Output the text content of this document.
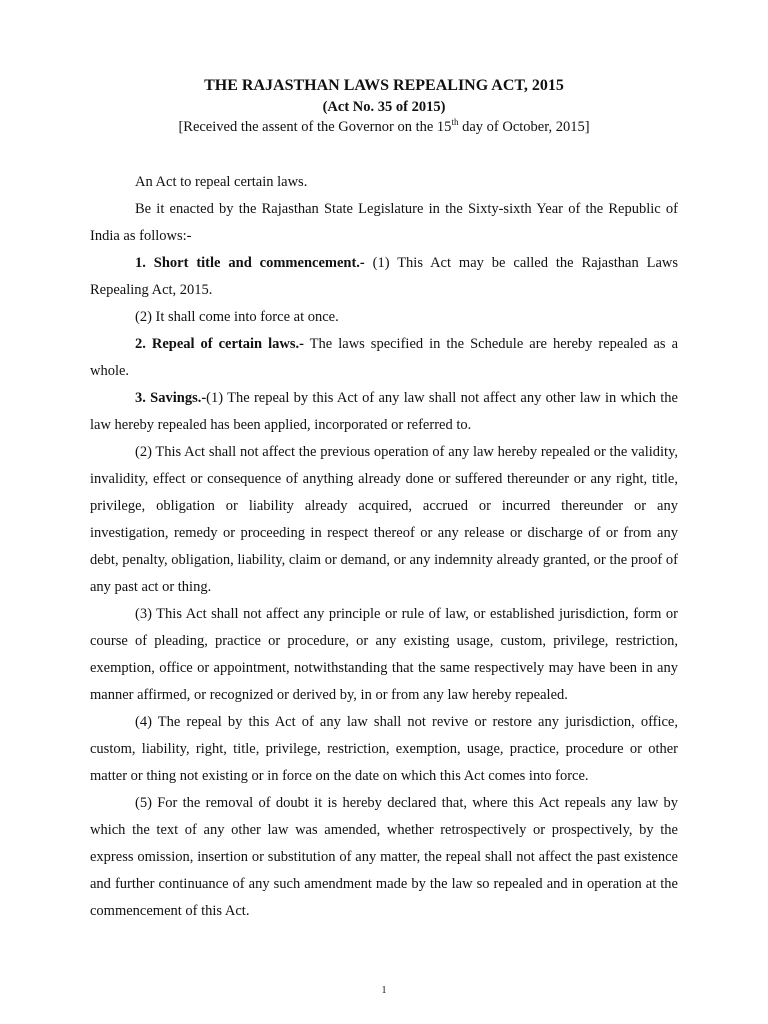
THE RAJASTHAN LAWS REPEALING ACT, 2015
(Act No. 35 of 2015)
[Received the assent of the Governor on the 15th day of October, 2015]

An Act to repeal certain laws.

Be it enacted by the Rajasthan State Legislature in the Sixty-sixth Year of the Republic of India as follows:-

1. Short title and commencement.- (1) This Act may be called the Rajasthan Laws Repealing Act, 2015.

(2) It shall come into force at once.

2. Repeal of certain laws.- The laws specified in the Schedule are hereby repealed as a whole.

3. Savings.-(1) The repeal by this Act of any law shall not affect any other law in which the law hereby repealed has been applied, incorporated or referred to.

(2) This Act shall not affect the previous operation of any law hereby repealed or the validity, invalidity, effect or consequence of anything already done or suffered thereunder or any right, title, privilege, obligation or liability already acquired, accrued or incurred thereunder or any investigation, remedy or proceeding in respect thereof or any release or discharge of or from any debt, penalty, obligation, liability, claim or demand, or any indemnity already granted, or the proof of any past act or thing.

(3) This Act shall not affect any principle or rule of law, or established jurisdiction, form or course of pleading, practice or procedure, or any existing usage, custom, privilege, restriction, exemption, office or appointment, notwithstanding that the same respectively may have been in any manner affirmed, or recognized or derived by, in or from any law hereby repealed.

(4) The repeal by this Act of any law shall not revive or restore any jurisdiction, office, custom, liability, right, title, privilege, restriction, exemption, usage, practice, procedure or other matter or thing not existing or in force on the date on which this Act comes into force.

(5) For the removal of doubt it is hereby declared that, where this Act repeals any law by which the text of any other law was amended, whether retrospectively or prospectively, by the express omission, insertion or substitution of any matter, the repeal shall not affect the past existence and further continuance of any such amendment made by the law so repealed and in operation at the commencement of this Act.

1
